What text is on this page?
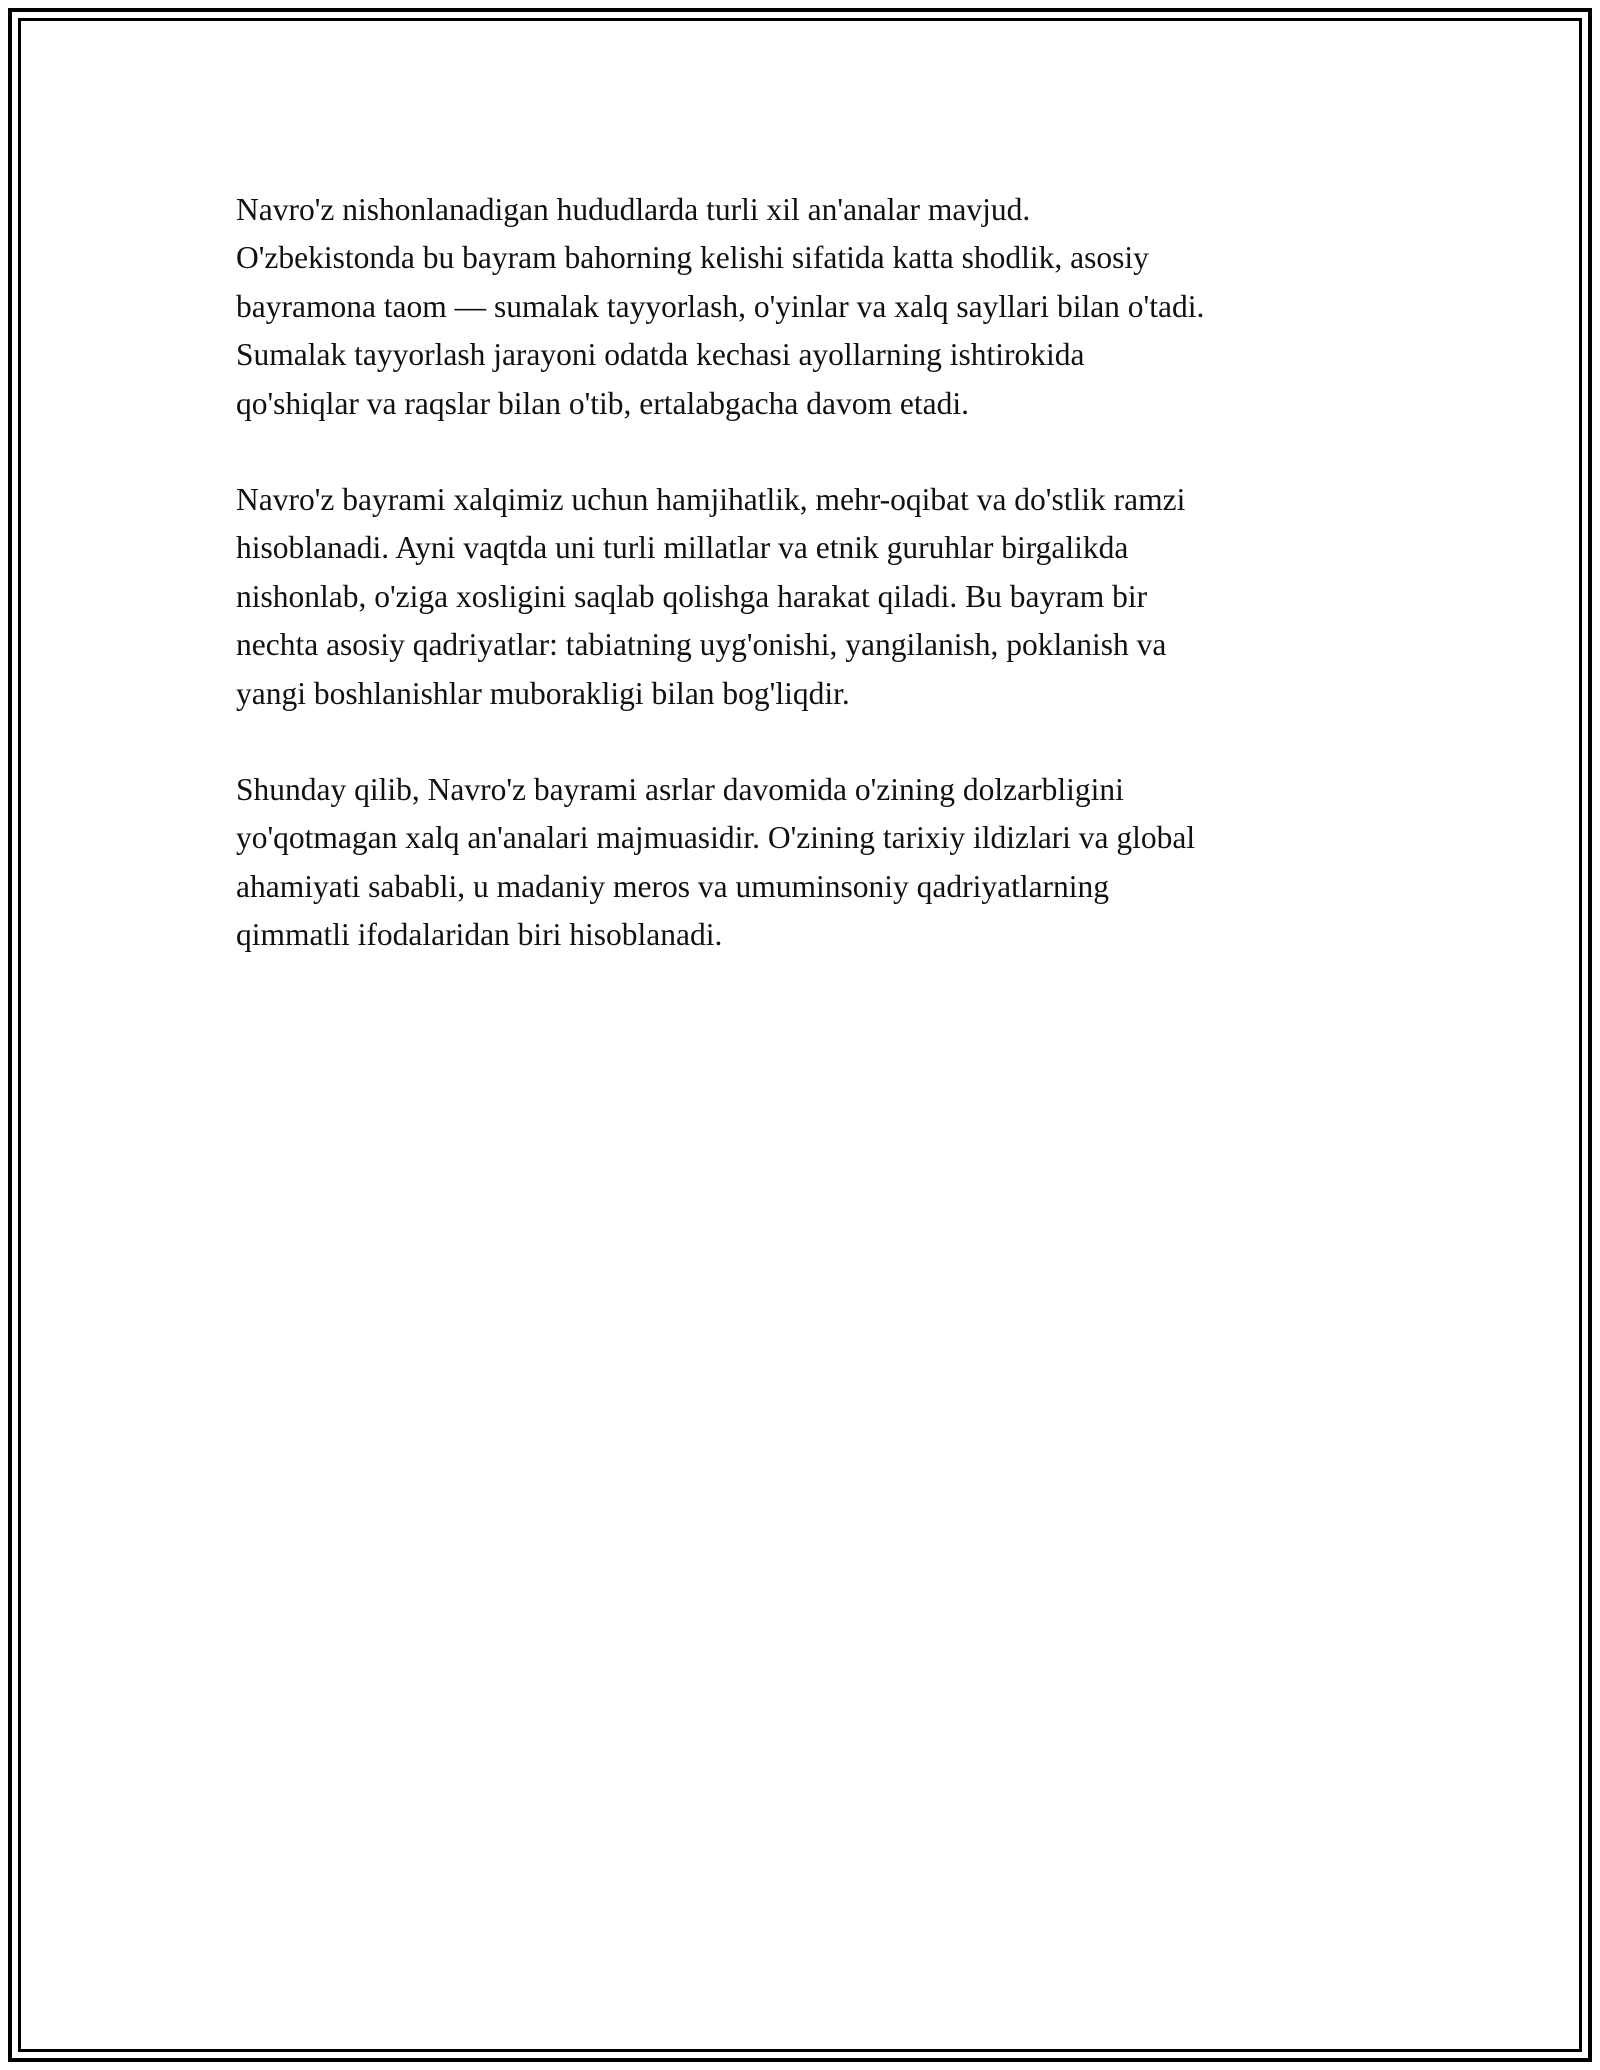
Navro'z nishonlanadigan hududlarda turli xil an'analar mavjud.
O'zbekistonda bu bayram bahorning kelishi sifatida katta shodlik, asosiy
bayramona taom — sumalak tayyorlash, o'yinlar va xalq sayllari bilan o'tadi.
Sumalak tayyorlash jarayoni odatda kechasi ayollarning ishtirokida
qo'shiqlar va raqslar bilan o'tib, ertalabgacha davom etadi.

Navro'z bayrami xalqimiz uchun hamjihatlik, mehr-oqibat va do'stlik ramzi
hisoblanadi. Ayni vaqtda uni turli millatlar va etnik guruhlar birgalikda
nishonlab, o'ziga xosligini saqlab qolishga harakat qiladi. Bu bayram bir
nechta asosiy qadriyatlar: tabiatning uyg'onishi, yangilanish, poklanish va
yangi boshlanishlar muborakligi bilan bog'liqdir.

Shunday qilib, Navro'z bayrami asrlar davomida o'zining dolzarbligini
yo'qotmagan xalq an'analari majmuasidir. O'zining tarixiy ildizlari va global
ahamiyati sababli, u madaniy meros va umuminsoniy qadriyatlarning
qimmatli ifodalaridan biri hisoblanadi.
